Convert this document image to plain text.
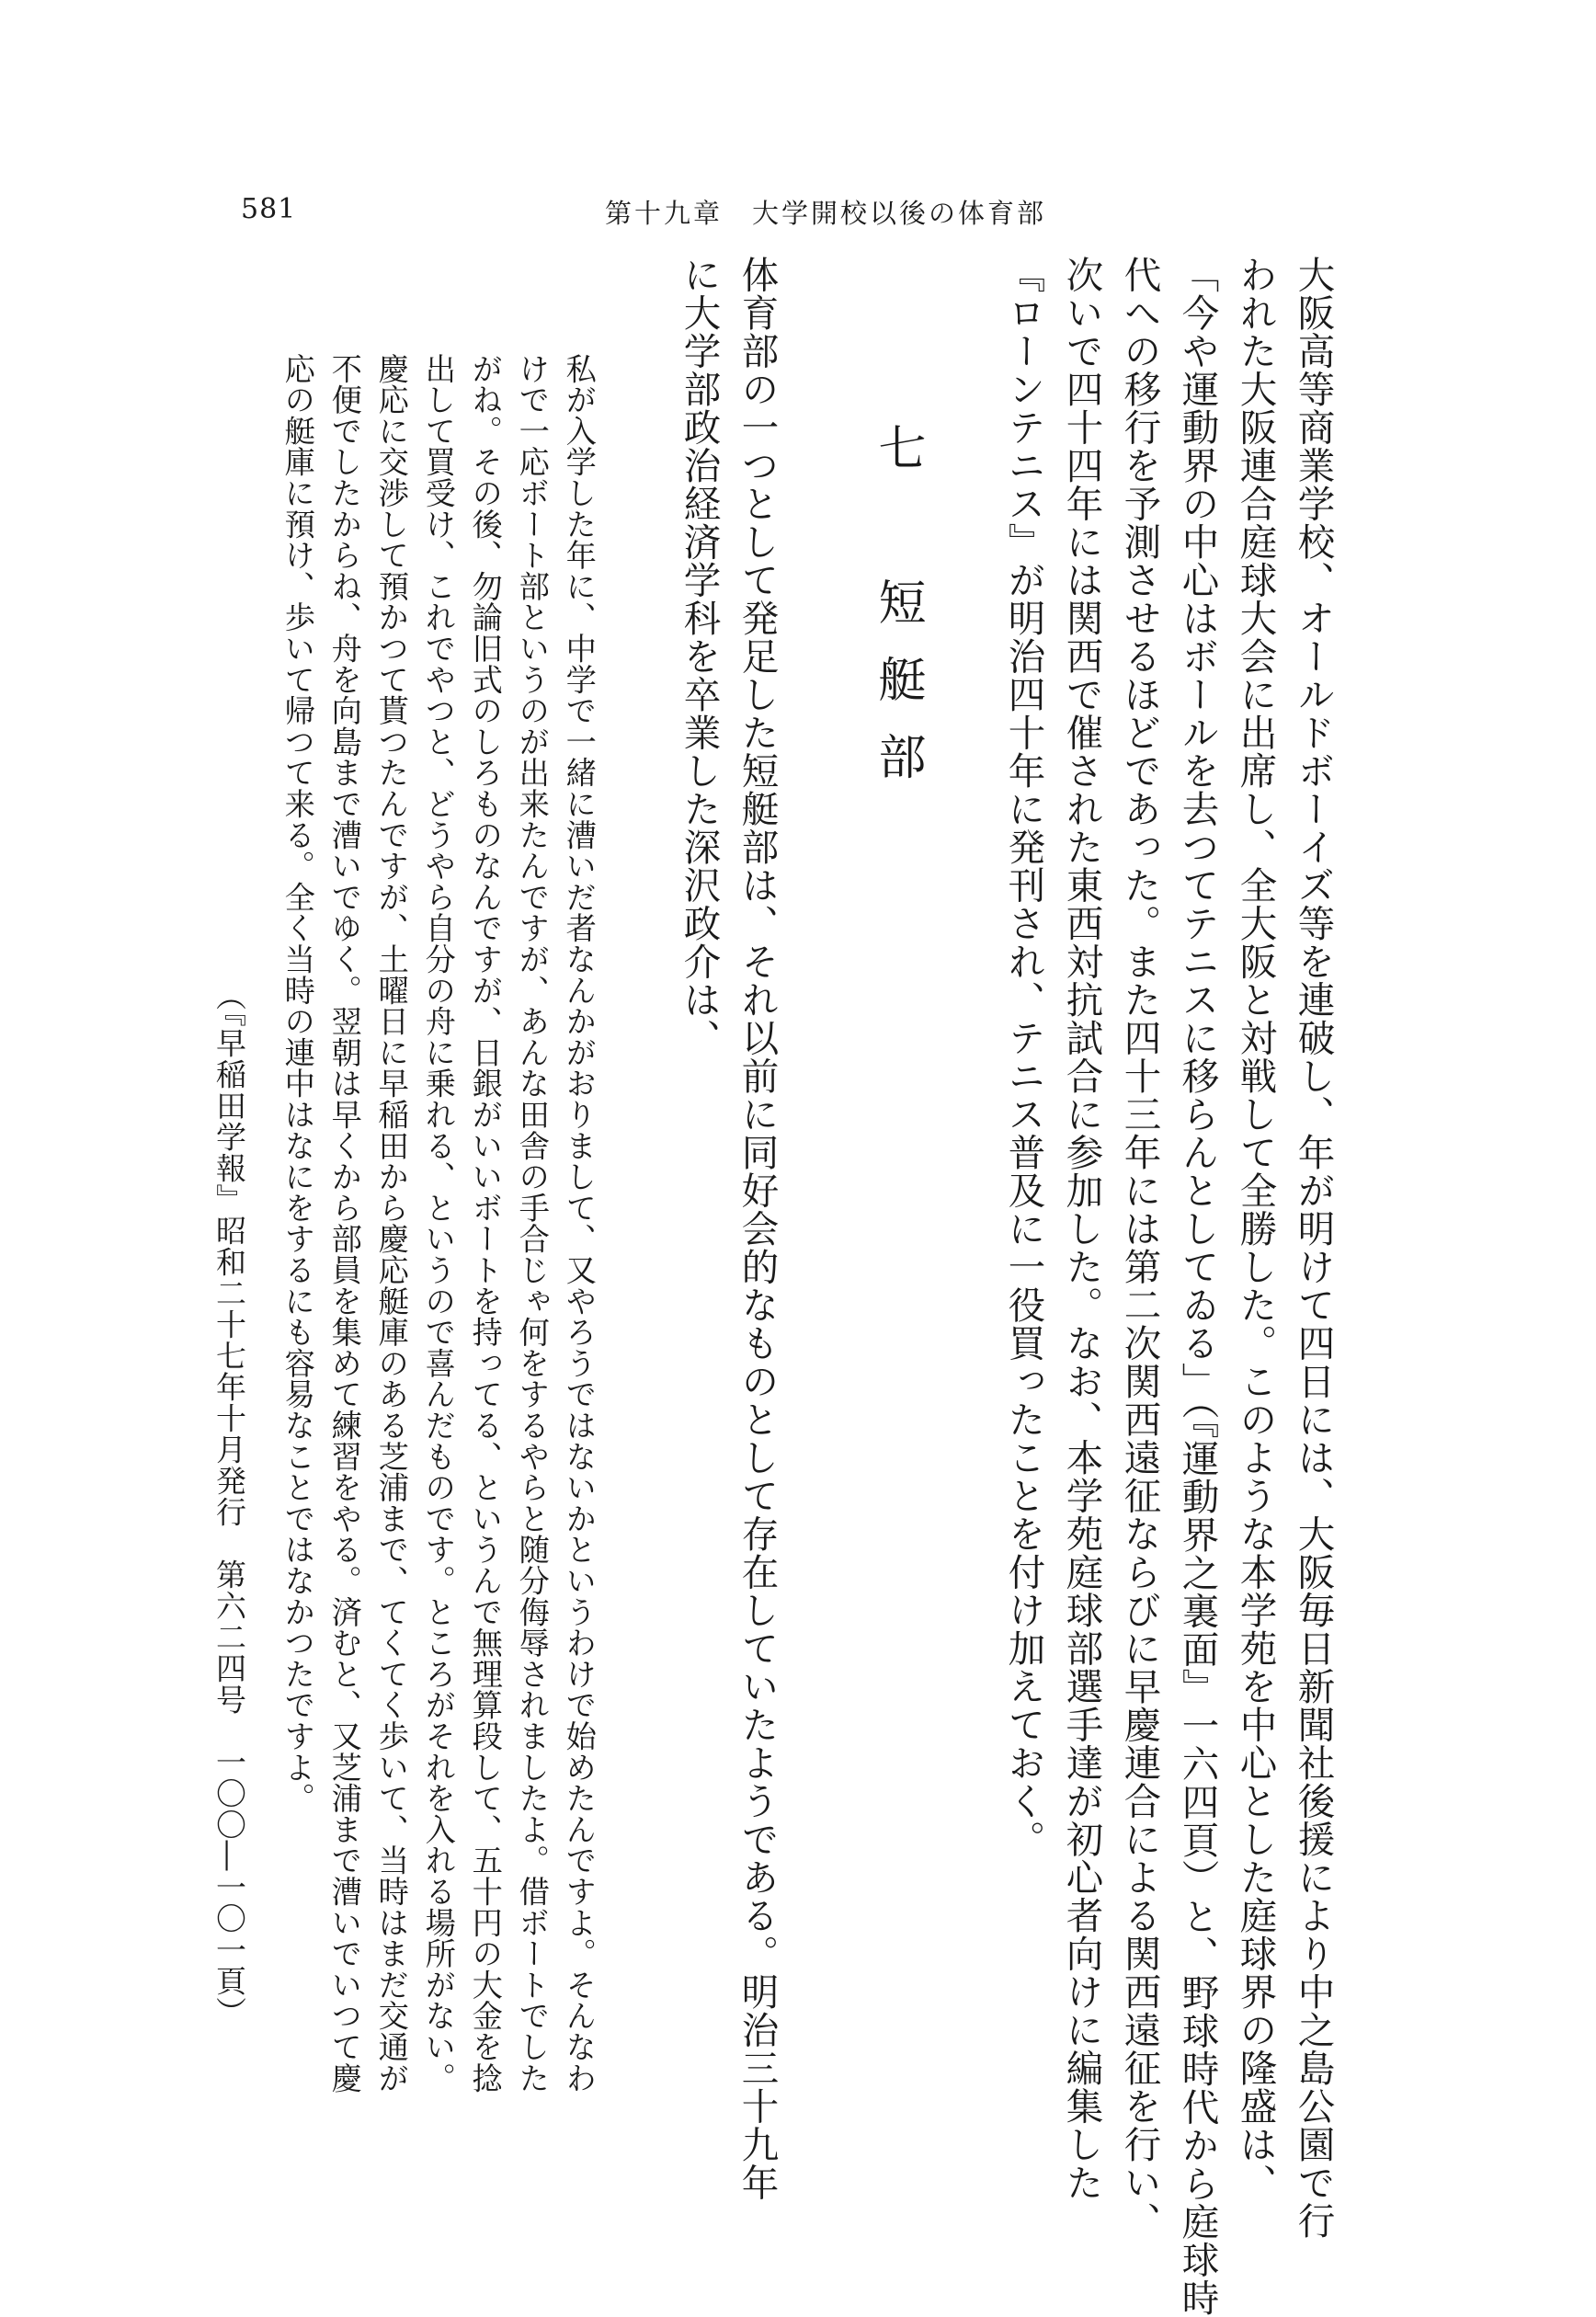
581	第十九章　大学開校以後の体育部
大阪高等商業学校、オールドボーイズ等を連破し、年が明けて四日には、大阪毎日新聞社後援により中之島公園で行
われた大阪連合庭球大会に出席し、全大阪と対戦して全勝した。このような本学苑を中心とした庭球界の隆盛は、
「今や運動界の中心はボールを去つてテニスに移らんとしてゐる」（『運動界之裏面』一六四頁）と、野球時代から庭球時
代への移行を予測させるほどであった。また四十三年には第二次関西遠征ならびに早慶連合による関西遠征を行い、
次いで四十四年には関西で催された東西対抗試合に参加した。なお、本学苑庭球部選手達が初心者向けに編集した
『ローンテニス』が明治四十年に発刊され、テニス普及に一役買ったことを付け加えておく。
七　短艇部
体育部の一つとして発足した短艇部は、それ以前に同好会的なものとして存在していたようである。明治三十九年
に大学部政治経済学科を卒業した深沢政介は、
私が入学した年に、中学で一緒に漕いだ者なんかがおりまして、又やろうではないかというわけで始めたんですよ。そんなわ
けで一応ボート部というのが出来たんですが、あんな田舎の手合じゃ何をするやらと随分侮辱されましたよ。借ボートでした
がね。その後、勿論旧式のしろものなんですが、日銀がいいボートを持ってる、というんで無理算段して、五十円の大金を捻
出して買受け、これでやつと、どうやら自分の舟に乗れる、というので喜んだものです。ところがそれを入れる場所がない。
慶応に交渉して預かつて貰つたんですが、土曜日に早稲田から慶応艇庫のある芝浦まで、てくてく歩いて、当時はまだ交通が
不便でしたからね、舟を向島まで漕いでゆく。翌朝は早くから部員を集めて練習をやる。済むと、又芝浦まで漕いでいつて慶
応の艇庫に預け、歩いて帰つて来る。全く当時の連中はなにをするにも容易なことではなかつたですよ。
（『早稲田学報』昭和二十七年十月発行　第六二四号　一〇〇―一〇一頁）
